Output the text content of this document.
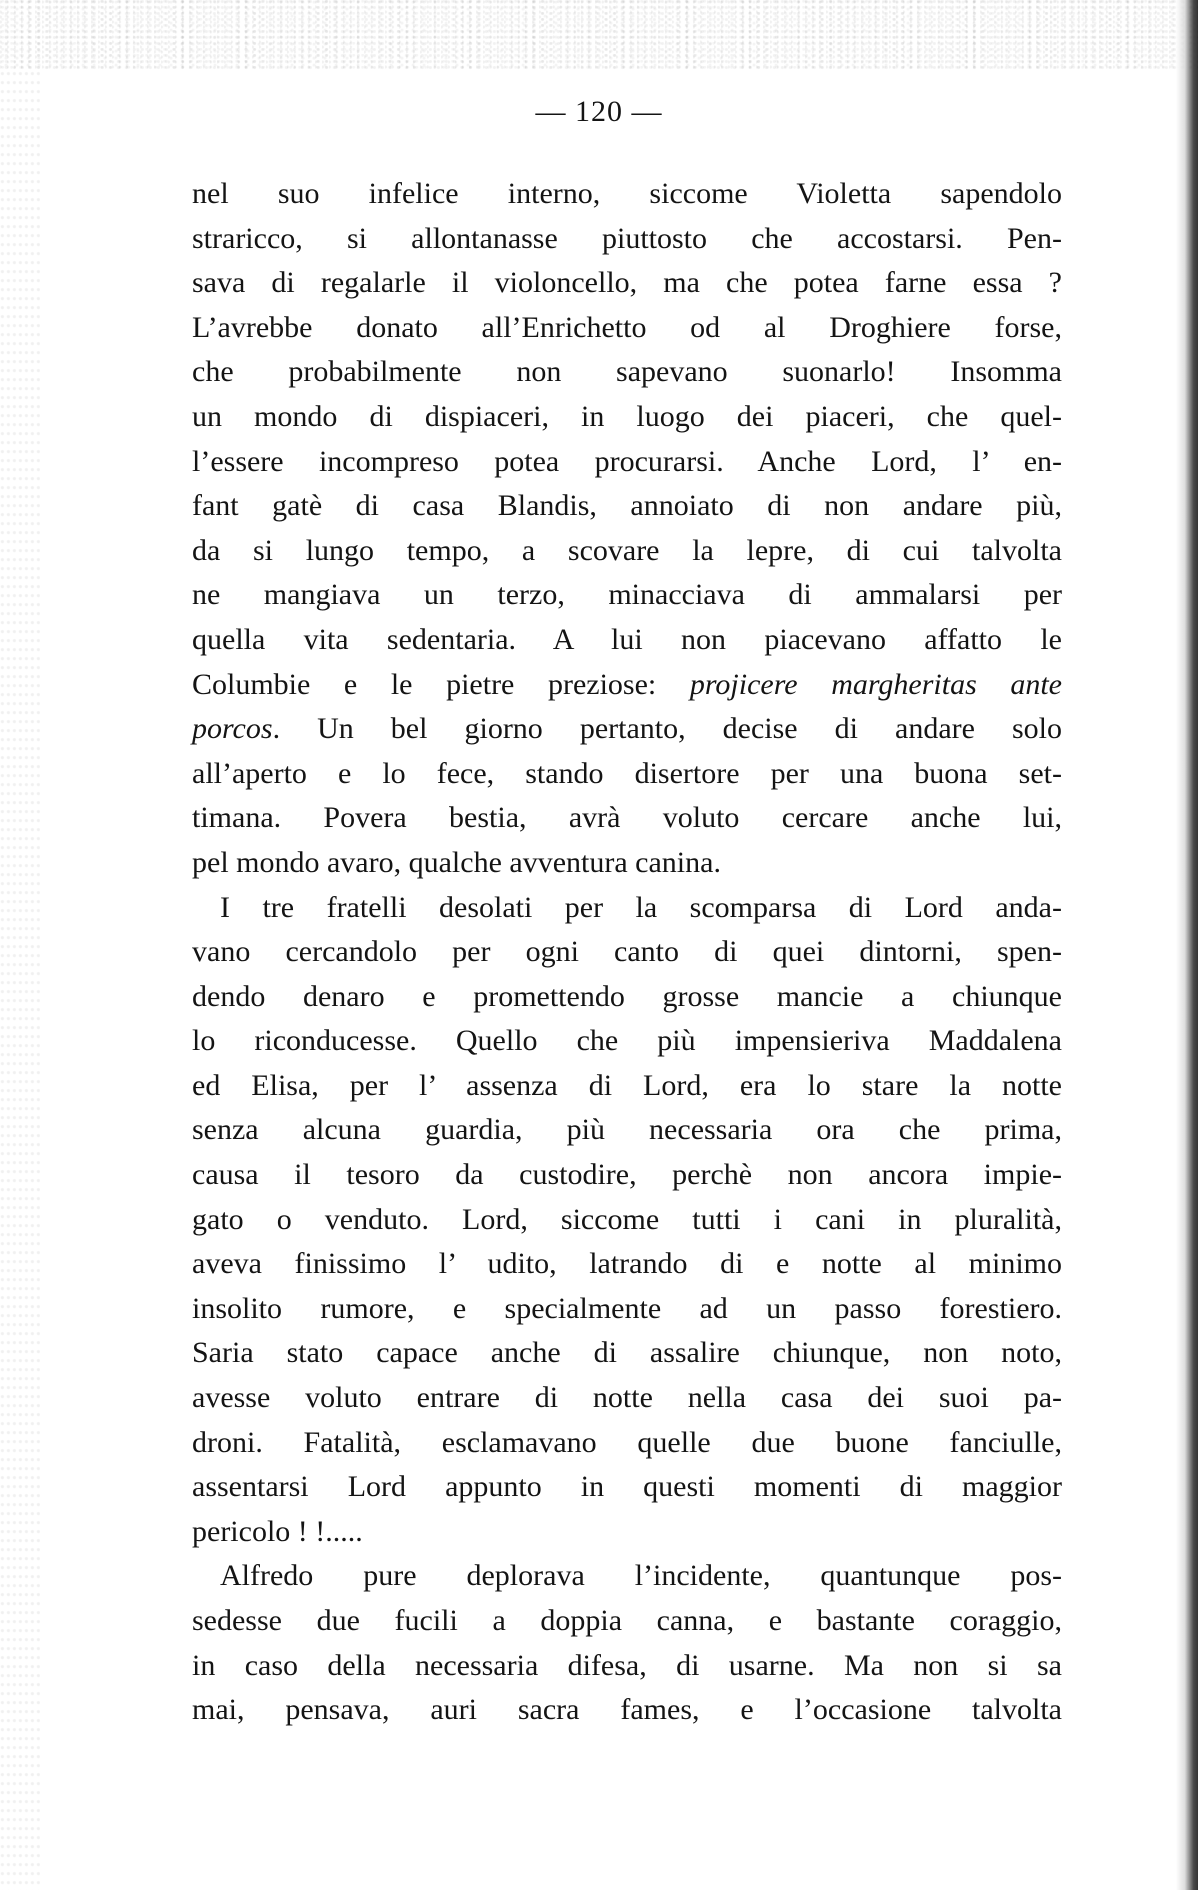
— 120 —
nel suo infelice interno, siccome Violetta sapendolo
straricco, si allontanasse piuttosto che accostarsi. Pen-
sava di regalarle il violoncello, ma che potea farne essa ?
L’avrebbe donato all’Enrichetto od al Droghiere forse,
che probabilmente non sapevano suonarlo! Insomma
un mondo di dispiaceri, in luogo dei piaceri, che quel-
l’essere incompreso potea procurarsi. Anche Lord, l’ en-
fant gatè di casa Blandis, annoiato di non andare più,
da si lungo tempo, a scovare la lepre, di cui talvolta
ne mangiava un terzo, minacciava di ammalarsi per
quella vita sedentaria. A lui non piacevano affatto le
Columbie e le pietre preziose: projicere margheritas ante
porcos. Un bel giorno pertanto, decise di andare solo
all’aperto e lo fece, stando disertore per una buona set-
timana. Povera bestia, avrà voluto cercare anche lui,
pel mondo avaro, qualche avventura canina.
I tre fratelli desolati per la scomparsa di Lord anda-
vano cercandolo per ogni canto di quei dintorni, spen-
dendo denaro e promettendo grosse mancie a chiunque
lo riconducesse. Quello che più impensieriva Maddalena
ed Elisa, per l’ assenza di Lord, era lo stare la notte
senza alcuna guardia, più necessaria ora che prima,
causa il tesoro da custodire, perchè non ancora impie-
gato o venduto. Lord, siccome tutti i cani in pluralità,
aveva finissimo l’ udito, latrando di e notte al minimo
insolito rumore, e specialmente ad un passo forestiero.
Saria stato capace anche di assalire chiunque, non noto,
avesse voluto entrare di notte nella casa dei suoi pa-
droni. Fatalità, esclamavano quelle due buone fanciulle,
assentarsi Lord appunto in questi momenti di maggior
pericolo ! !.....
Alfredo pure deplorava l’incidente, quantunque pos-
sedesse due fucili a doppia canna, e bastante coraggio,
in caso della necessaria difesa, di usarne. Ma non si sa
mai, pensava, auri sacra fames, e l’occasione talvolta
